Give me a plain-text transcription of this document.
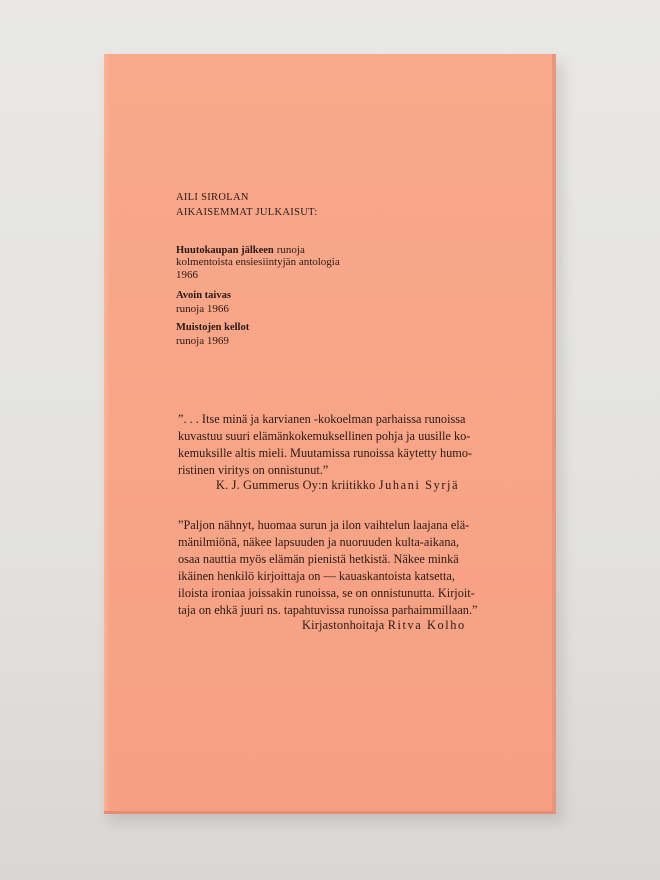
AILI SIROLAN
AIKAISEMMAT JULKAISUT:
Huutokaupan jälkeen runoja
kolmentoista ensiesiintyjän antologia
1966
Avoin taivas
runoja 1966
Muistojen kellot
runoja 1969
”. . . Itse minä ja karvianen -kokoelman parhaissa runoissa
kuvastuu suuri elämänkokemuksellinen pohja ja uusille ko-
kemuksille altis mieli. Muutamissa runoissa käytetty humo-
ristinen viritys on onnistunut.”
K. J. Gummerus Oy:n kriitikko Juhani Syrjä
”Paljon nähnyt, huomaa surun ja ilon vaihtelun laajana elä-
mänilmiönä, näkee lapsuuden ja nuoruuden kulta-aikana,
osaa nauttia myös elämän pienistä hetkistä. Näkee minkä
ikäinen henkilö kirjoittaja on — kauaskantoista katsetta,
iloista ironiaa joissakin runoissa, se on onnistunutta. Kirjoit-
taja on ehkä juuri ns. tapahtuvissa runoissa parhaimmillaan.”
Kirjastonhoitaja Ritva Kolho
